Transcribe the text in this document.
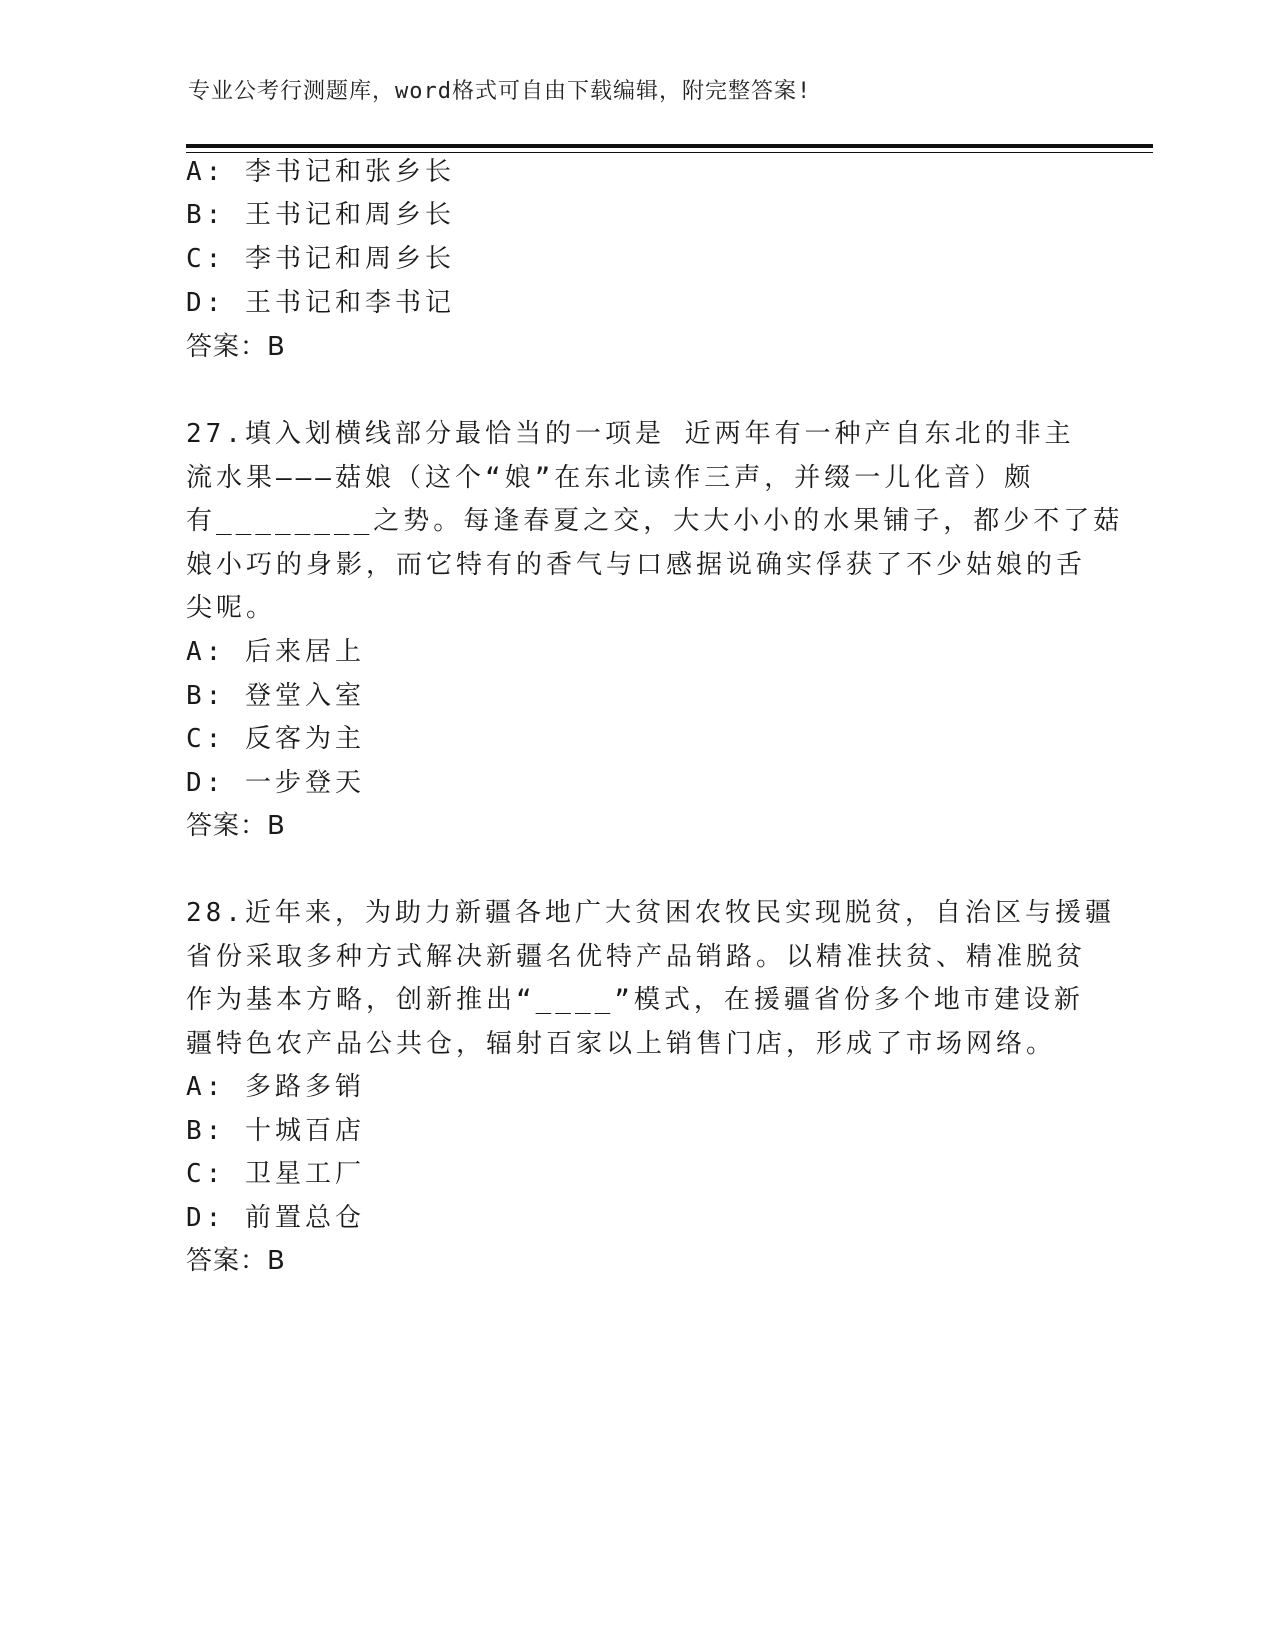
专业公考行测题库，word格式可自由下载编辑，附完整答案!
A: 李书记和张乡长
B: 王书记和周乡长
C: 李书记和周乡长
D: 王书记和李书记
答案：B
27.填入划横线部分最恰当的一项是 近两年有一种产自东北的非主
流水果———菇娘（这个“娘”在东北读作三声，并缀一儿化音）颇
有________之势。每逢春夏之交，大大小小的水果铺子，都少不了菇
娘小巧的身影，而它特有的香气与口感据说确实俘获了不少姑娘的舌
尖呢。
A: 后来居上
B: 登堂入室
C: 反客为主
D: 一步登天
答案：B
28.近年来，为助力新疆各地广大贫困农牧民实现脱贫，自治区与援疆
省份采取多种方式解决新疆名优特产品销路。以精准扶贫、精准脱贫
作为基本方略，创新推出“____”模式，在援疆省份多个地市建设新
疆特色农产品公共仓，辐射百家以上销售门店，形成了市场网络。
A: 多路多销
B: 十城百店
C: 卫星工厂
D: 前置总仓
答案：B
